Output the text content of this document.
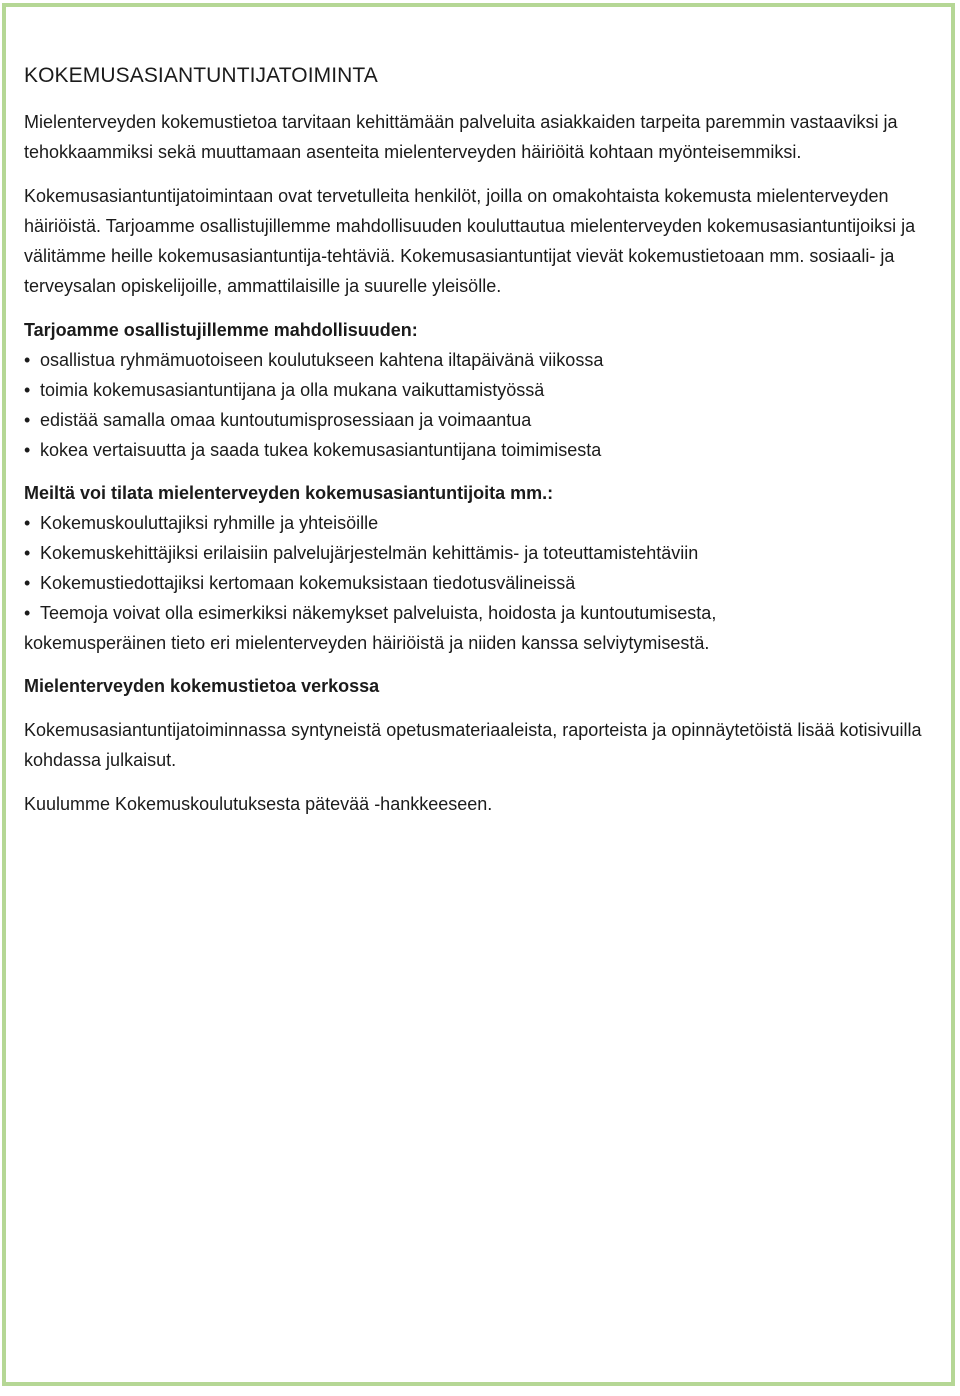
KOKEMUSASIANTUNTIJATOIMINTA

Mielenterveyden kokemustietoa tarvitaan kehittämään palveluita asiakkaiden tarpeita paremmin vastaaviksi ja tehokkaammiksi sekä muuttamaan asenteita mielenterveyden häiriöitä kohtaan myönteisemmiksi.

Kokemusasiantuntijatoimintaan ovat tervetulleita henkilöt, joilla on omakohtaista kokemusta mielenterveyden häiriöistä. Tarjoamme osallistujillemme mahdollisuuden kouluttautua mielenterveyden kokemusasiantuntijoiksi ja välitämme heille kokemusasiantuntija-tehtäviä. Kokemusasiantuntijat vievät kokemustietoaan mm. sosiaali- ja terveysalan opiskelijoille, ammattilaisille ja suurelle yleisölle.

Tarjoamme osallistujillemme mahdollisuuden:

• osallistua ryhmämuotoiseen koulutukseen kahtena iltapäivänä viikossa
• toimia kokemusasiantuntijana ja olla mukana vaikuttamistyössä
• edistää samalla omaa kuntoutumisprosessiaan ja voimaantua
• kokea vertaisuutta ja saada tukea kokemusasiantuntijana toimimisesta

Meiltä voi tilata mielenterveyden kokemusasiantuntijoita mm.:

• Kokemuskouluttajiksi ryhmille ja yhteisöille
• Kokemuskehittäjiksi erilaisiin palvelujärjestelmän kehittämis- ja toteuttamistehtäviin
• Kokemustiedottajiksi kertomaan kokemuksistaan tiedotusvälineissä
• Teemoja voivat olla esimerkiksi näkemykset palveluista, hoidosta ja kuntoutumisesta,

kokemusperäinen tieto eri mielenterveyden häiriöistä ja niiden kanssa selviytymisestä.

Mielenterveyden kokemustietoa verkossa

Kokemusasiantuntijatoiminnassa syntyneistä opetusmateriaaleista, raporteista ja opinnäytetöistä lisää kotisivuilla kohdassa julkaisut.

Kuulumme Kokemuskoulutuksesta pätevää -hankkeeseen.
